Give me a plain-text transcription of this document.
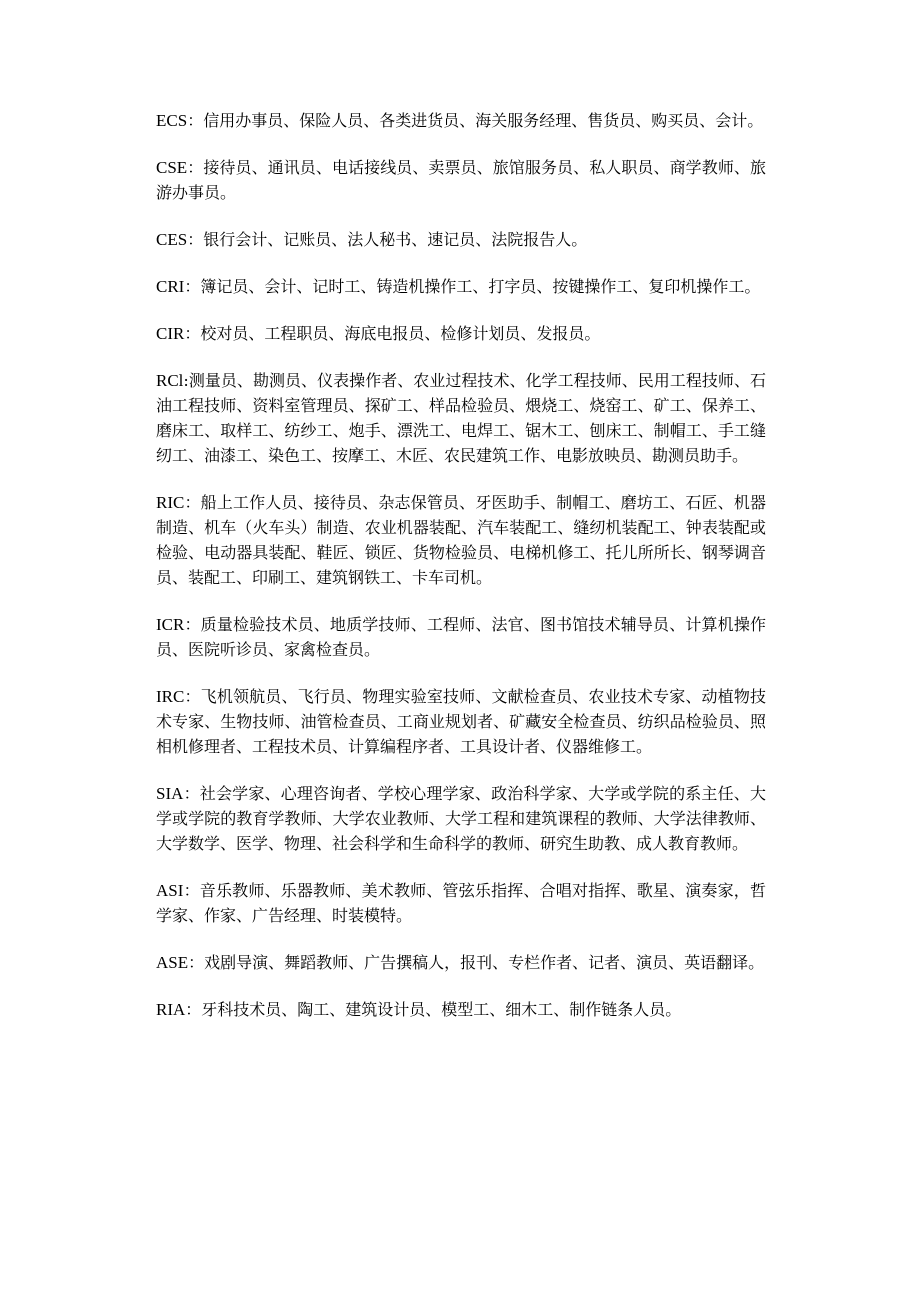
ECS：信用办事员、保险人员、各类进货员、海关服务经理、售货员、购买员、会计。

CSE：接待员、通讯员、电话接线员、卖票员、旅馆服务员、私人职员、商学教师、旅游办事员。

CES：银行会计、记账员、法人秘书、速记员、法院报告人。

CRI：簿记员、会计、记时工、铸造机操作工、打字员、按键操作工、复印机操作工。

CIR：校对员、工程职员、海底电报员、检修计划员、发报员。

RCl:测量员、勘测员、仪表操作者、农业过程技术、化学工程技师、民用工程技师、石油工程技师、资料室管理员、探矿工、样品检验员、煨烧工、烧窑工、矿工、保养工、磨床工、取样工、纺纱工、炮手、漂洗工、电焊工、锯木工、刨床工、制帽工、手工缝纫工、油漆工、染色工、按摩工、木匠、农民建筑工作、电影放映员、勘测员助手。

RIC：船上工作人员、接待员、杂志保管员、牙医助手、制帽工、磨坊工、石匠、机器制造、机车（火车头）制造、农业机器装配、汽车装配工、缝纫机装配工、钟表装配或检验、电动器具装配、鞋匠、锁匠、货物检验员、电梯机修工、托儿所所长、钢琴调音员、装配工、印刷工、建筑钢铁工、卡车司机。

ICR：质量检验技术员、地质学技师、工程师、法官、图书馆技术辅导员、计算机操作员、医院听诊员、家禽检查员。

IRC：飞机领航员、飞行员、物理实验室技师、文献检查员、农业技术专家、动植物技术专家、生物技师、油管检查员、工商业规划者、矿藏安全检查员、纺织品检验员、照相机修理者、工程技术员、计算编程序者、工具设计者、仪器维修工。

SIA：社会学家、心理咨询者、学校心理学家、政治科学家、大学或学院的系主任、大学或学院的教育学教师、大学农业教师、大学工程和建筑课程的教师、大学法律教师、大学数学、医学、物理、社会科学和生命科学的教师、研究生助教、成人教育教师。

ASI：音乐教师、乐器教师、美术教师、管弦乐指挥、合唱对指挥、歌星、演奏家，哲学家、作家、广告经理、时装模特。

ASE：戏剧导演、舞蹈教师、广告撰稿人，报刊、专栏作者、记者、演员、英语翻译。

RIA：牙科技术员、陶工、建筑设计员、模型工、细木工、制作链条人员。
